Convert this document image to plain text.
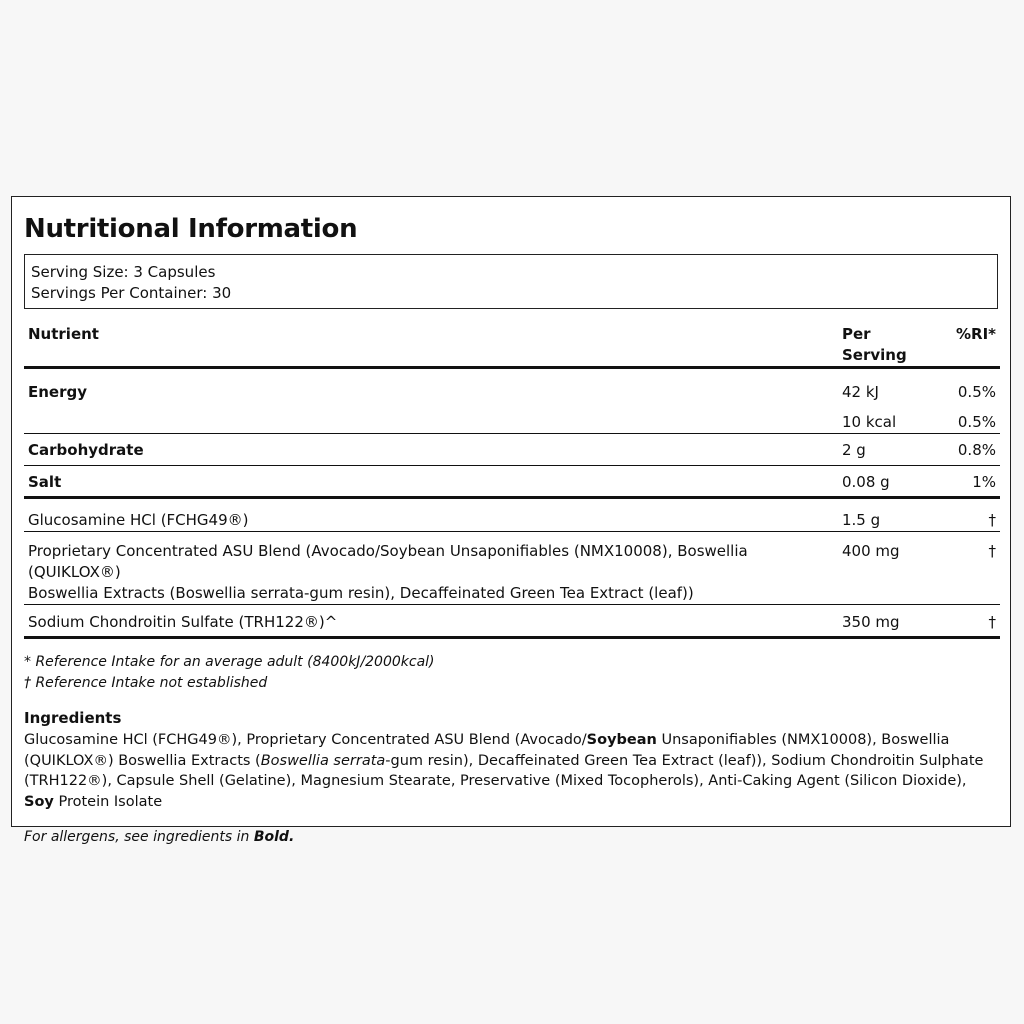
Nutritional Information
Serving Size: 3 Capsules
Servings Per Container: 30
Nutrient	Per Serving	%RI*
Energy	42 kJ	0.5%
	10 kcal	0.5%
Carbohydrate	2 g	0.8%
Salt	0.08 g	1%
Glucosamine HCl (FCHG49®)	1.5 g	†

Proprietary Concentrated ASU Blend (Avocado/Soybean Unsaponifiables (NMX10008), Boswellia (QUIKLOX®)
Boswellia Extracts (Boswellia serrata-gum resin), Decaffeinated Green Tea Extract (leaf))	400 mg	†
Sodium Chondroitin Sulfate (TRH122®)^	350 mg	†
* Reference Intake for an average adult (8400kJ/2000kcal)
† Reference Intake not established
Ingredients
Glucosamine HCl (FCHG49®), Proprietary Concentrated ASU Blend (Avocado/Soybean Unsaponifiables (NMX10008), Boswellia (QUIKLOX®) Boswellia Extracts (Boswellia serrata-gum resin), Decaffeinated Green Tea Extract (leaf)), Sodium Chondroitin Sulphate (TRH122®), Capsule Shell (Gelatine), Magnesium Stearate, Preservative (Mixed Tocopherols), Anti-Caking Agent (Silicon Dioxide), Soy Protein Isolate
For allergens, see ingredients in Bold.
